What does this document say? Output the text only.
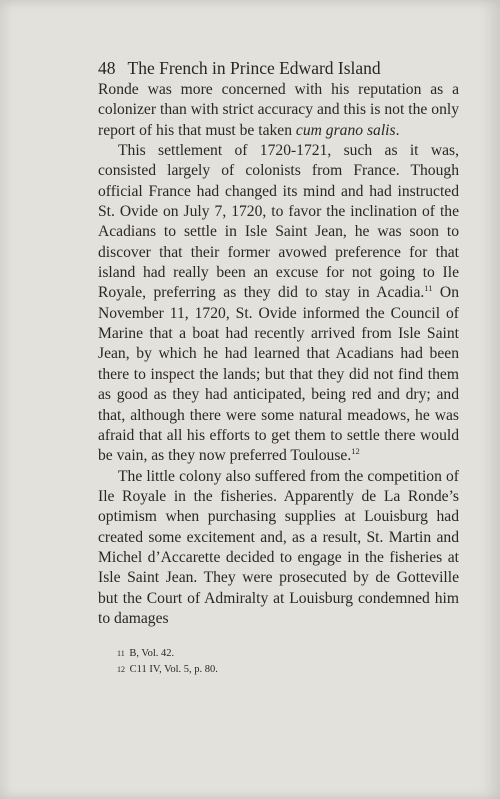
48 The French in Prince Edward Island

Ronde was more concerned with his reputation as a colonizer than with strict accuracy and this is not the only report of his that must be taken cum grano salis.

This settlement of 1720-1721, such as it was, consisted largely of colonists from France. Though official France had changed its mind and had instructed St. Ovide on July 7, 1720, to favor the inclination of the Acadians to settle in Isle Saint Jean, he was soon to discover that their former avowed preference for that island had really been an excuse for not going to Ile Royale, preferring as they did to stay in Acadia.$^{11}$ On November 11, 1720, St. Ovide informed the Council of Marine that a boat had recently arrived from Isle Saint Jean, by which he had learned that Acadians had been there to inspect the lands; but that they did not find them as good as they had anticipated, being red and dry; and that, although there were some natural meadows, he was afraid that all his efforts to get them to settle there would be vain, as they now preferred Toulouse.$^{12}$

The little colony also suffered from the competition of Ile Royale in the fisheries. Apparently de La Ronde’s optimism when purchasing supplies at Louisburg had created some excitement and, as a result, St. Martin and Michel d’Accarette decided to engage in the fisheries at Isle Saint Jean. They were prosecuted by de Gotteville but the Court of Admiralty at Louisburg condemned him to damages

11 B, Vol. 42.
12 C11 IV, Vol. 5, p. 80.
